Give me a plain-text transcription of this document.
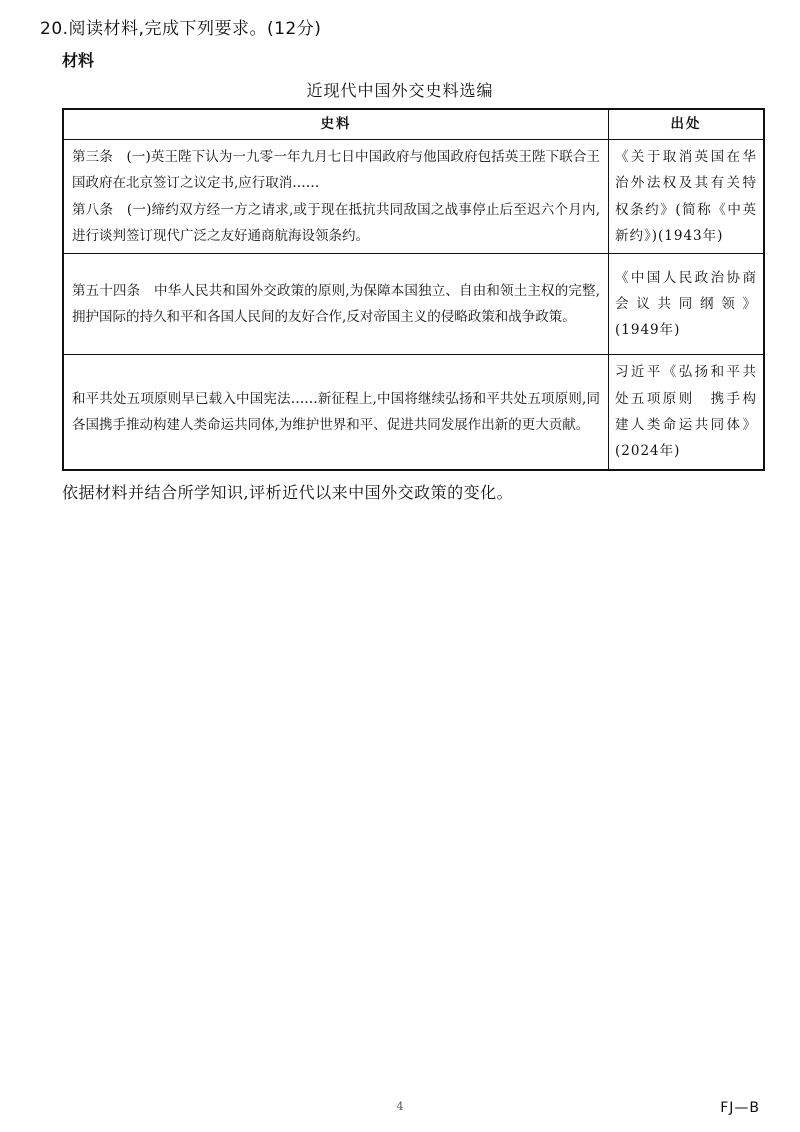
20.阅读材料,完成下列要求。(12分)
材料
近现代中国外交史料选编
史料	出处

第三条　(一)英王陛下认为一九零一年九月七日中国政府与他国政府包括英王陛下联合王国政府在北京签订之议定书,应行取消……
第八条　(一)缔约双方经一方之请求,或于现在抵抗共同敌国之战事停止后至迟六个月内,进行谈判签订现代广泛之友好通商航海设领条约。	《关于取消英国在华治外法权及其有关特权条约》(简称《中英新约》)(1943年)

第五十四条　中华人民共和国外交政策的原则,为保障本国独立、自由和领土主权的完整,拥护国际的持久和平和各国人民间的友好合作,反对帝国主义的侵略政策和战争政策。	《中国人民政治协商会议共同纲领》(1949年)

和平共处五项原则早已载入中国宪法……新征程上,中国将继续弘扬和平共处五项原则,同各国携手推动构建人类命运共同体,为维护世界和平、促进共同发展作出新的更大贡献。	习近平《弘扬和平共处五项原则　携手构建人类命运共同体》(2024年)
依据材料并结合所学知识,评析近代以来中国外交政策的变化。
4	FJ—B
